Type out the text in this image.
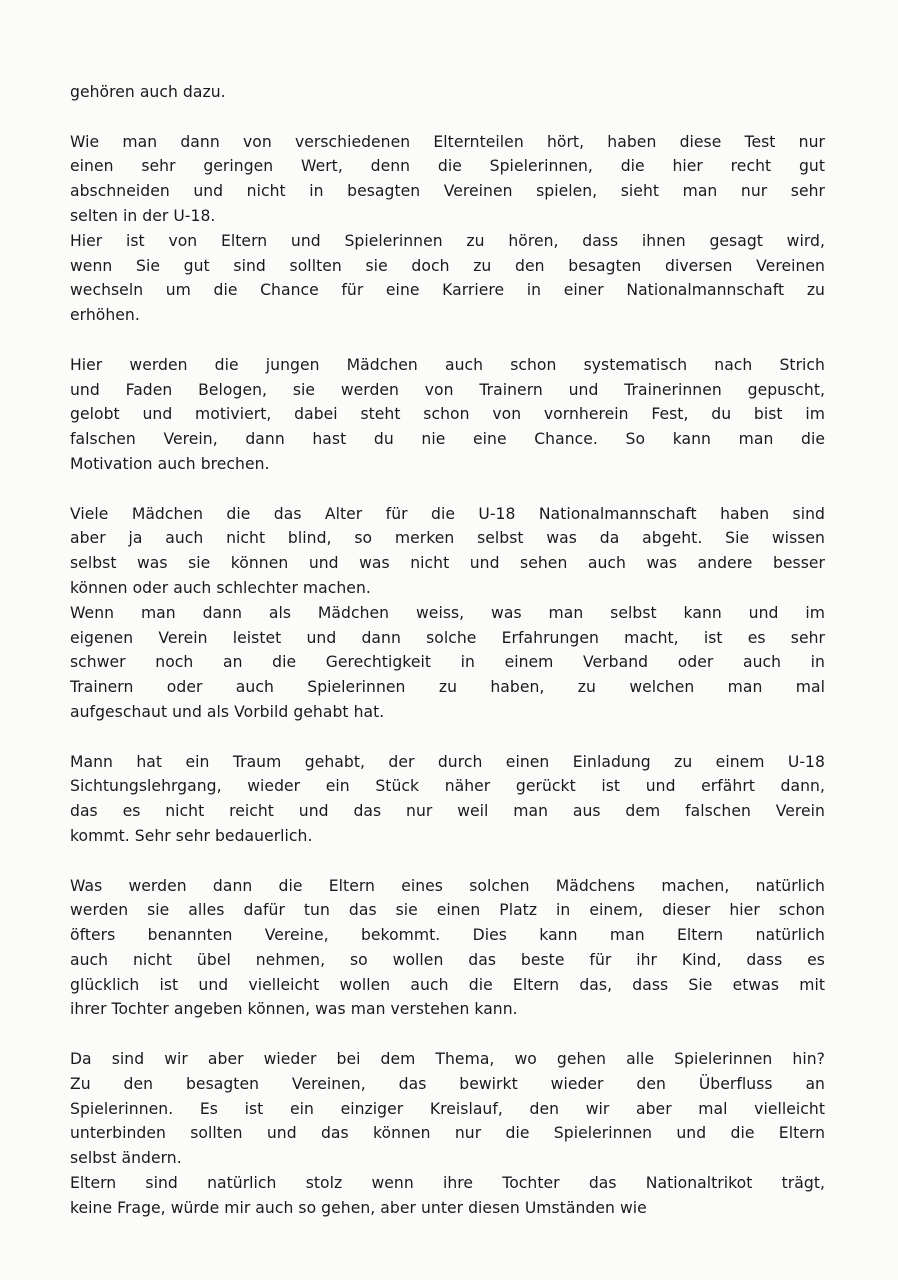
gehören auch dazu.

Wie man dann von verschiedenen Elternteilen hört, haben diese Test nur
einen sehr geringen Wert, denn die Spielerinnen, die hier recht gut
abschneiden und nicht in besagten Vereinen spielen, sieht man nur sehr
selten in der U-18.
Hier ist von Eltern und Spielerinnen zu hören, dass ihnen gesagt wird,
wenn Sie gut sind sollten sie doch zu den besagten diversen Vereinen
wechseln um die Chance für eine Karriere in einer Nationalmannschaft zu
erhöhen.

Hier werden die jungen Mädchen auch schon systematisch nach Strich
und Faden Belogen, sie werden von Trainern und Trainerinnen gepuscht,
gelobt und motiviert, dabei steht schon von vornherein Fest, du bist im
falschen Verein, dann hast du nie eine Chance. So kann man die
Motivation auch brechen.

Viele Mädchen die das Alter für die U-18 Nationalmannschaft haben sind
aber ja auch nicht blind, so merken selbst was da abgeht. Sie wissen
selbst was sie können und was nicht und sehen auch was andere besser
können oder auch schlechter machen.
Wenn man dann als Mädchen weiss, was man selbst kann und im
eigenen Verein leistet und dann solche Erfahrungen macht, ist es sehr
schwer noch an die Gerechtigkeit in einem Verband oder auch in
Trainern oder auch Spielerinnen zu haben, zu welchen man mal
aufgeschaut und als Vorbild gehabt hat.

Mann hat ein Traum gehabt, der durch einen Einladung zu einem U-18
Sichtungslehrgang, wieder ein Stück näher gerückt ist und erfährt dann,
das es nicht reicht und das nur weil man aus dem falschen Verein
kommt. Sehr sehr bedauerlich.

Was werden dann die Eltern eines solchen Mädchens machen, natürlich
werden sie alles dafür tun das sie einen Platz in einem, dieser hier schon
öfters benannten Vereine, bekommt. Dies kann man Eltern natürlich
auch nicht übel nehmen, so wollen das beste für ihr Kind, dass es
glücklich ist und vielleicht wollen auch die Eltern das, dass Sie etwas mit
ihrer Tochter angeben können, was man verstehen kann.

Da sind wir aber wieder bei dem Thema, wo gehen alle Spielerinnen hin?
Zu den besagten Vereinen, das bewirkt wieder den Überfluss an
Spielerinnen. Es ist ein einziger Kreislauf, den wir aber mal vielleicht
unterbinden sollten und das können nur die Spielerinnen und die Eltern
selbst ändern.
Eltern sind natürlich stolz wenn ihre Tochter das Nationaltrikot trägt,
keine Frage, würde mir auch so gehen, aber unter diesen Umständen wie
